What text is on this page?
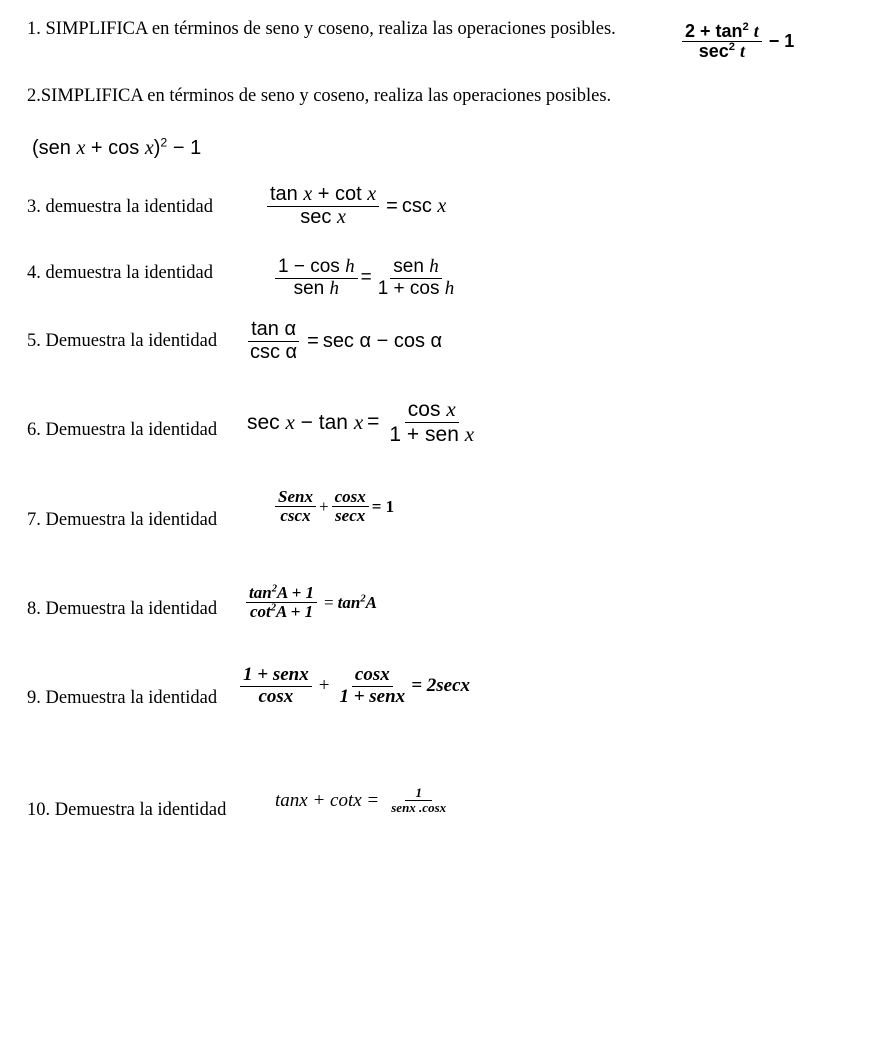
1. SIMPLIFICA en términos de seno y coseno, realiza las operaciones posibles.	$\frac{2 + \tan^2 t}{\sec^2 t} - 1$
2.SIMPLIFICA en términos de seno y coseno, realiza las operaciones posibles.
(sen x + cos x)$^2$ − 1
3. demuestra la identidad	$\frac{\text{tan x + cot x}}{\text{sec x}} = \csc x$
4. demuestra la identidad	$\frac{\text{1 − cos h}}{\text{sen h}} = \frac{\text{sen h}}{\text{1 + cos h}}$
5. Demuestra la identidad $\frac{\text{tan α}}{\text{csc α}} = \sec \alpha - \cos \alpha$
6. Demuestra la identidad $\sec x - \tan x = \frac{\text{cos x}}{\text{1 + sen x}}$
7. Demuestra la identidad	$\frac{\text{Senx}}{\csc x} + \frac{\cos x}{\sec x} = 1$
8. Demuestra la identidad $\frac{\tan^2A + 1}{\cot^2A + 1} = \tan^2A$
9. Demuestra la identidad $\frac{\text{1 + senx}}{\cos x} + \frac{\cos x}{\text{1 + senx}} = 2\sec x$
10. Demuestra la identidad	$\tan x + \cot x = \frac{1}{\text{senx .cosx}}$
